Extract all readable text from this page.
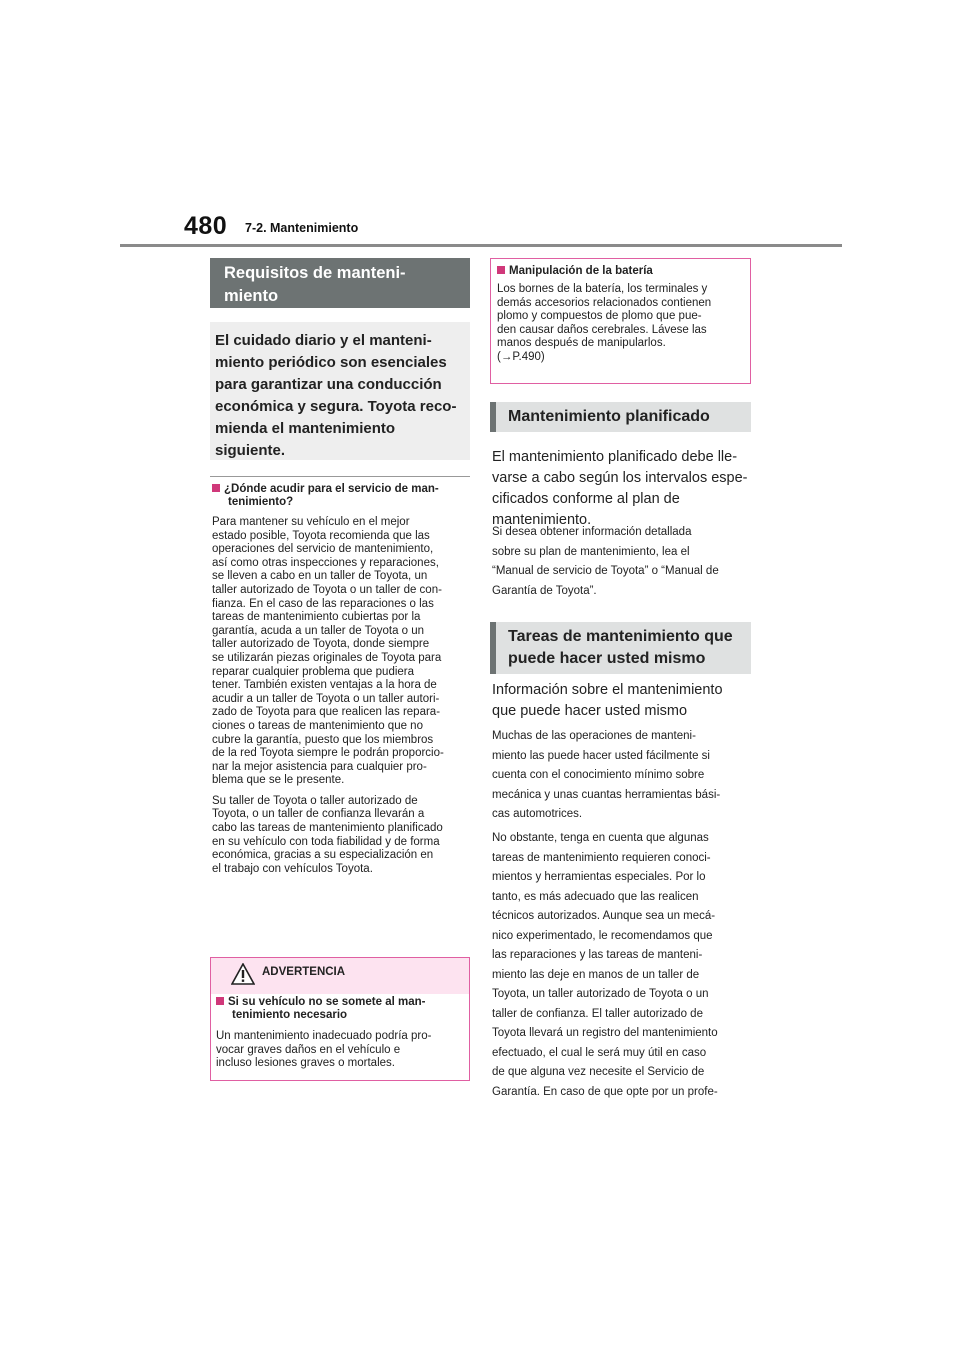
480 7-2. Mantenimiento
Requisitos de manteni-
miento
El cuidado diario y el manteni-
miento periódico son esenciales
para garantizar una conducción
económica y segura. Toyota reco-
mienda el mantenimiento
siguiente.
¿Dónde acudir para el servicio de man-
tenimiento?
Para mantener su vehículo en el mejor
estado posible, Toyota recomienda que las
operaciones del servicio de mantenimiento,
así como otras inspecciones y reparaciones,
se lleven a cabo en un taller de Toyota, un
taller autorizado de Toyota o un taller de con-
fianza. En el caso de las reparaciones o las
tareas de mantenimiento cubiertas por la
garantía, acuda a un taller de Toyota o un
taller autorizado de Toyota, donde siempre
se utilizarán piezas originales de Toyota para
reparar cualquier problema que pudiera
tener. También existen ventajas a la hora de
acudir a un taller de Toyota o un taller autori-
zado de Toyota para que realicen las repara-
ciones o tareas de mantenimiento que no
cubre la garantía, puesto que los miembros
de la red Toyota siempre le podrán proporcio-
nar la mejor asistencia para cualquier pro-
blema que se le presente.
Su taller de Toyota o taller autorizado de
Toyota, o un taller de confianza llevarán a
cabo las tareas de mantenimiento planificado
en su vehículo con toda fiabilidad y de forma
económica, gracias a su especialización en
el trabajo con vehículos Toyota.
ADVERTENCIA
Si su vehículo no se somete al man-
tenimiento necesario
Un mantenimiento inadecuado podría pro-
vocar graves daños en el vehículo e
incluso lesiones graves o mortales.
Manipulación de la batería
Los bornes de la batería, los terminales y
demás accesorios relacionados contienen
plomo y compuestos de plomo que pue-
den causar daños cerebrales. Lávese las
manos después de manipularlos.
(→P.490)
Mantenimiento planificado
El mantenimiento planificado debe lle-
varse a cabo según los intervalos espe-
cificados conforme al plan de
mantenimiento.
Si desea obtener información detallada
sobre su plan de mantenimiento, lea el
“Manual de servicio de Toyota” o “Manual de
Garantía de Toyota”.
Tareas de mantenimiento que
puede hacer usted mismo
Información sobre el mantenimiento
que puede hacer usted mismo
Muchas de las operaciones de manteni-
miento las puede hacer usted fácilmente si
cuenta con el conocimiento mínimo sobre
mecánica y unas cuantas herramientas bási-
cas automotrices.
No obstante, tenga en cuenta que algunas
tareas de mantenimiento requieren conoci-
mientos y herramientas especiales. Por lo
tanto, es más adecuado que las realicen
técnicos autorizados. Aunque sea un mecá-
nico experimentado, le recomendamos que
las reparaciones y las tareas de manteni-
miento las deje en manos de un taller de
Toyota, un taller autorizado de Toyota o un
taller de confianza. El taller autorizado de
Toyota llevará un registro del mantenimiento
efectuado, el cual le será muy útil en caso
de que alguna vez necesite el Servicio de
Garantía. En caso de que opte por un profe-
